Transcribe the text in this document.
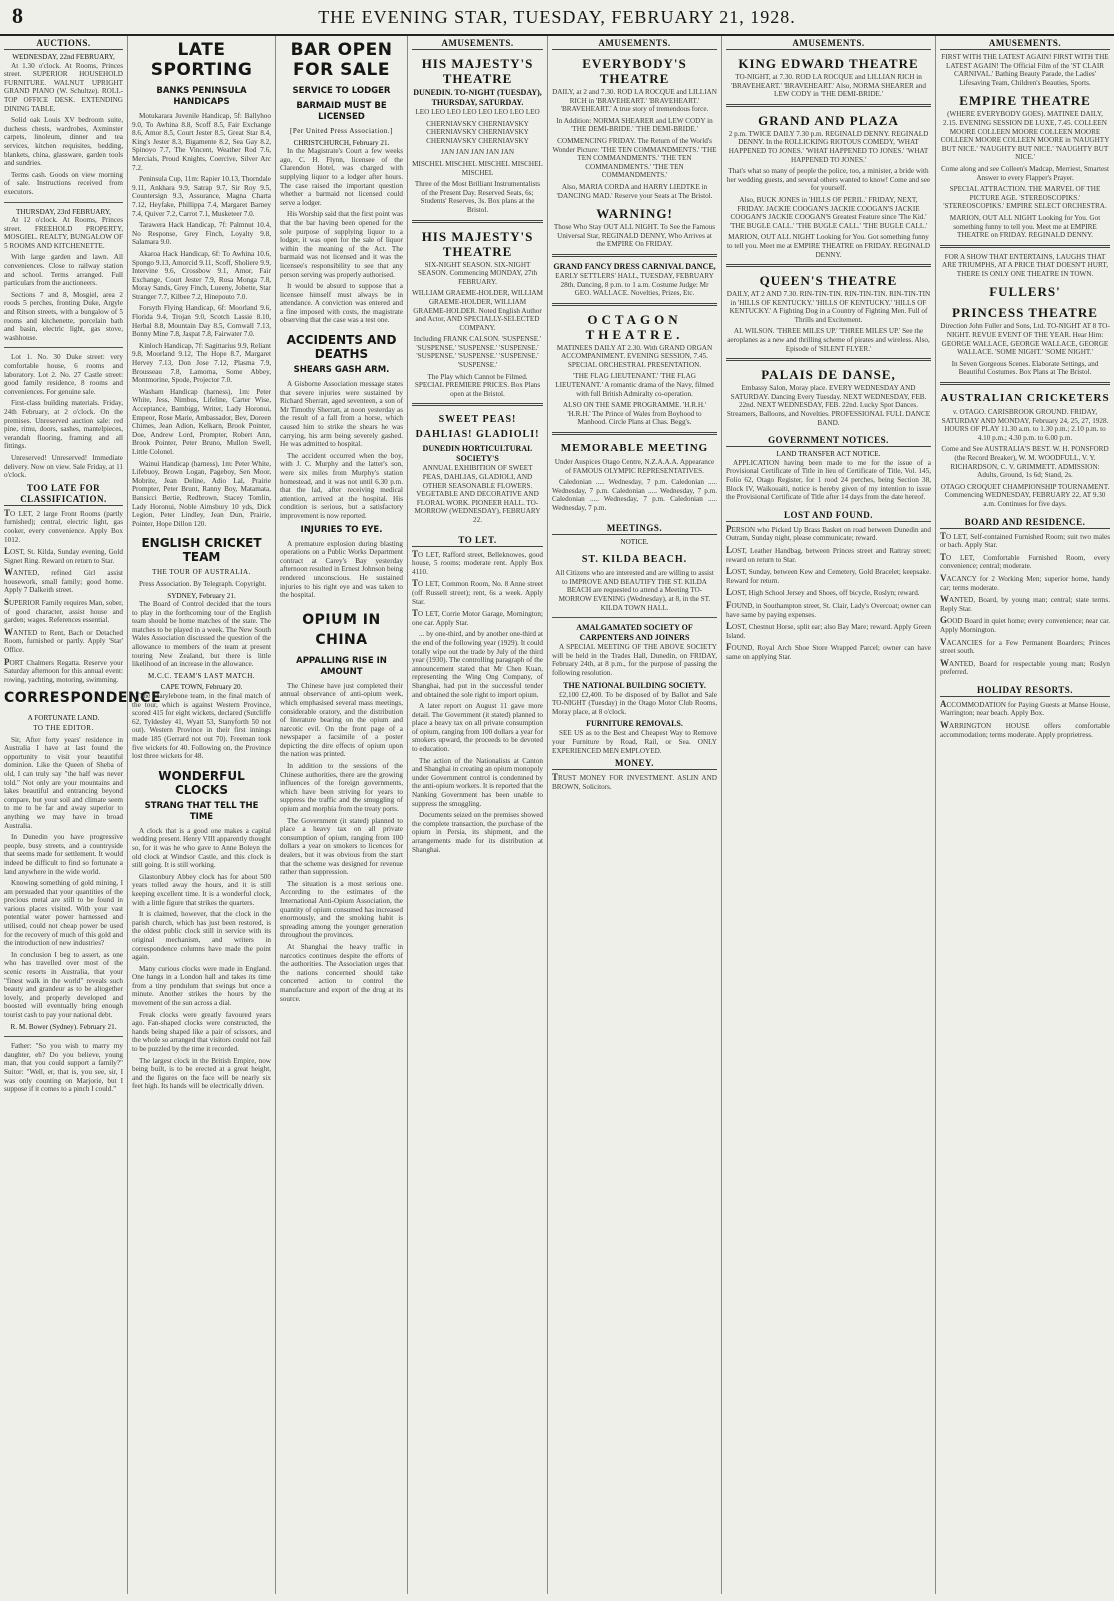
8	THE EVENING STAR, TUESDAY, FEBRUARY 21, 1928.
AUCTIONS.
WEDNESDAY, 22nd FEBRUARY,

At 1.30 o'clock. At Rooms, Princes street. SUPERIOR HOUSEHOLD FURNITURE. WALNUT UPRIGHT GRAND PIANO (W. Schultze). ROLL-TOP OFFICE DESK. EXTENDING DINING TABLE.

Solid oak Louis XV bedroom suite, duchess chests, wardrobes, Axminster carpets, linoleum, dinner and tea services, kitchen requisites, bedding, blankets, china, glassware, garden tools and sundries.

Terms cash. Goods on view morning of sale. Instructions received from executors.

THURSDAY, 23rd FEBRUARY,

At 12 o'clock. At Rooms, Princes street. FREEHOLD PROPERTY, MOSGIEL. REALTY, BUNGALOW OF 5 ROOMS AND KITCHENETTE.

With large garden and lawn. All conveniences. Close to railway station and school. Terms arranged. Full particulars from the auctioneers.

Sections 7 and 8, Mosgiel, area 2 roods 5 perches, fronting Duke, Argyle and Ritson streets, with a bungalow of 5 rooms and kitchenette, porcelain bath and basin, electric light, gas stove, washhouse.

Lot 1. No. 30 Duke street: very comfortable house, 6 rooms and laboratory. Lot 2. No. 27 Castle street: good family residence, 8 rooms and conveniences. For genuine sale.

First-class building materials. Friday, 24th February, at 2 o'clock. On the premises. Unreserved auction sale: red pine, rimu, doors, sashes, mantelpieces, verandah flooring, framing and all fittings.

Unreserved! Unreserved! Immediate delivery. Now on view. Sale Friday, at 11 o'clock.

TOO LATE FOR CLASSIFICATION.

TO LET, 2 large Front Rooms (partly furnished); central, electric light, gas cooker, every convenience. Apply Box 1012.

LOST, St. Kilda, Sunday evening, Gold Signet Ring. Reward on return to Star.

WANTED, refined Girl assist housework, small family; good home. Apply 7 Dalkeith street.

SUPERIOR Family requires Man, sober, of good character, assist house and garden; wages. References essential.

WANTED to Rent, Bach or Detached Room, furnished or partly. Apply 'Star' Office.

PORT Chalmers Regatta. Reserve your Saturday afternoon for this annual event: rowing, yachting, motoring, swimming.

CORRESPONDENCE
A FORTUNATE LAND.
TO THE EDITOR.

Sir, After forty years' residence in Australia I have at last found the opportunity to visit your beautiful dominion. Like the Queen of Sheba of old, I can truly say "the half was never told." Not only are your mountains and lakes beautiful and entrancing beyond compare, but your soil and climate seem to me to be far and away superior to anything we may have in broad Australia.

In Dunedin you have progressive people, busy streets, and a countryside that seems made for settlement. It would indeed be difficult to find so fortunate a land anywhere in the wide world.

Knowing something of gold mining, I am persuaded that your quantities of the precious metal are still to be found in various places visited. With your vast potential water power harnessed and utilised, could not cheap power be used for the recovery of much of this gold and the introduction of new industries?

In conclusion I beg to assert, as one who has travelled over most of the scenic resorts in Australia, that your "finest walk in the world" reveals such beauty and grandeur as to be altogether lovely, and properly developed and boosted will eventually bring enough tourist cash to pay your national debt.

R. M. Bower (Sydney). February 21.

Father: "So you wish to marry my daughter, eh? Do you believe, young man, that you could support a family?" Suitor: "Well, er, that is, you see, sir, I was only counting on Marjorie, but I suppose if it comes to a pinch I could."

LATE SPORTING
BANKS PENINSULA HANDICAPS

Motukarara Juvenile Handicap, 5f: Ballyhoo 9.0, To Awhina 8.8, Scoff 8.5, Fair Exchange 8.6, Amor 8.5, Court Jester 8.5, Great Star 8.4, King's Jester 8.3, Bigamente 8.2, Sea Gay 8.2, Spinoyo 7.7, The Vincent, Weather Rod 7.6, Mercials, Proud Knights, Coercive, Silver Arc 7.2.

Peninsula Cup, 11m: Rapier 10.13, Thorndale 9.11, Ankhara 9.9, Satrap 9.7, Sir Roy 9.5, Countersign 9.3, Assurance, Magna Charta 7.12, Heyfake, Phillippa 7.4, Margaret Barney 7.4, Quiver 7.2, Carrot 7.1, Musketeer 7.0.

Tarawera Hack Handicap, 7f: Palmnut 10.4, No Response, Grey Finch, Loyalty 9.8, Salamara 9.0.

Akaroa Hack Handicap, 6f: To Awhina 10.6, Spongo 9.13, Amorcid 9.11, Scoff, Sholiere 9.9, Intervine 9.6, Crossbow 9.1, Amor, Fair Exchange, Court Jester 7.9, Rosa Monga 7.8, Moray Sands, Grey Finch, Lueeny, Jobette, Star Stranger 7.7, Kilbee 7.2, Hinepouto 7.0.

Forsyth Flying Handicap, 6f: Moorland 9.6, Florida 9.4, Trojan 9.0, Scotch Lassie 8.10, Herbal 8.8, Mountain Day 8.5, Cornwall 7.13, Bonny Mine 7.8, Jaspat 7.8, Fairwater 7.0.

Kinloch Handicap, 7f: Sagittarius 9.9, Reliant 9.8, Moorland 9.12, The Hope 8.7, Margaret Hervey 7.13, Don Jose 7.12, Plasma 7.9, Brousseau 7.8, Lamorna, Some Abbey, Montmorine, Spode, Projector 7.0.

Washam Handicap (harness), 1m: Peter White, Jess, Nimbus, Lifeline, Carter Wise, Acceptance, Bambigg, Writer, Lady Horonui, Empeor, Rose Marie, Ambassador, Bev, Doreen Chimes, Jean Adion, Kelkarn, Brook Pointer, Doe, Andrew Lord, Prompter, Robert Ann, Brook Pointer, Peter Bruno, Mullon Swell, Little Colonel.

Wainui Handicap (harness), 1m: Peter White, Lifebuoy, Brown Logan, Pageboy, Sen Moor, Mobrite, Jean Deline, Adio Lal, Prairie Prompter, Peter Brunt, Ranny Boy, Matamata, Bansicci Bertie, Redbrown, Stacey Tomlin, Lady Horonui, Noble Aimsbury 10 yds, Dick Legion, Peter Lindley, Jean Dun, Prairie, Pointer, Hope Dillon 120.

ENGLISH CRICKET TEAM
THE TOUR OF AUSTRALIA.

Press Association. By Telegraph. Copyright.

SYDNEY, February 21.

The Board of Control decided that the tours to play in the forthcoming tour of the English team should be home matches of the state. The matches to be played in a week. The New South Wales Association discussed the question of the allowance to members of the team at present touring New Zealand, but there is little likelihood of an increase in the allowance.

M.C.C. TEAM'S LAST MATCH.
CAPE TOWN, February 20.

The Marylebone team, in the final match of the tour, which is against Western Province, scored 415 for eight wickets, declared (Sutcliffe 62, Tyldesley 41, Wyatt 53, Stanyforth 50 not out). Western Province in their first innings made 185 (Gerrard not out 70). Freeman took five wickets for 40. Following on, the Province lost three wickets for 48.

WONDERFUL CLOCKS
STRANG THAT TELL THE TIME

A clock that is a good one makes a capital wedding present. Henry VIII apparently thought so, for it was he who gave to Anne Boleyn the old clock at Windsor Castle, and this clock is still going. It is still working.

Glastonbury Abbey clock has for about 500 years tolled away the hours, and it is still keeping excellent time. It is a wonderful clock, with a little figure that strikes the quarters.

It is claimed, however, that the clock in the parish church, which has just been restored, is the oldest public clock still in service with its original mechanism, and writers in correspondence columns have made the point again.

Many curious clocks were made in England. One hangs in a London hall and takes its time from a tiny pendulum that swings but once a minute. Another strikes the hours by the movement of the sun across a dial.

Freak clocks were greatly favoured years ago. Fan-shaped clocks were constructed, the hands being shaped like a pair of scissors, and the whole so arranged that visitors could not fail to be puzzled by the time it recorded.

The largest clock in the British Empire, now being built, is to be erected at a great height, and the figures on the face will be nearly six feet high. Its hands will be electrically driven.

BAR OPEN FOR SALE
SERVICE TO LODGER
BARMAID MUST BE LICENSED
[Per United Press Association.]
CHRISTCHURCH, February 21.

In the Magistrate's Court a few weeks ago, C. H. Flynn, licensee of the Clarendon Hotel, was charged with supplying liquor to a lodger after hours. The case raised the important question whether a barmaid not licensed could serve a lodger.

His Worship said that the first point was that the bar having been opened for the sole purpose of supplying liquor to a lodger, it was open for the sale of liquor within the meaning of the Act. The barmaid was not licensed and it was the licensee's responsibility to see that any person serving was properly authorised.

It would be absurd to suppose that a licensee himself must always be in attendance. A conviction was entered and a fine imposed with costs, the magistrate observing that the case was a test one.

ACCIDENTS AND DEATHS
SHEARS GASH ARM.

A Gisborne Association message states that severe injuries were sustained by Richard Sherratt, aged seventeen, a son of Mr Timothy Sherratt, at noon yesterday as the result of a fall from a horse, which caused him to strike the shears he was carrying, his arm being severely gashed. He was admitted to hospital.

The accident occurred when the boy, with J. C. Murphy and the latter's son, were six miles from Murphy's station homestead, and it was not until 6.30 p.m. that the lad, after receiving medical attention, arrived at the hospital. His condition is serious, but a satisfactory improvement is now reported.

INJURIES TO EYE.

A premature explosion during blasting operations on a Public Works Department contract at Carey's Bay yesterday afternoon resulted in Ernest Johnson being rendered unconscious. He sustained injuries to his right eye and was taken to the hospital.

OPIUM IN CHINA
APPALLING RISE IN AMOUNT

The Chinese have just completed their annual observance of anti-opium week, which emphasised several mass meetings, considerable oratory, and the distribution of literature bearing on the opium and narcotic evil. On the front page of a newspaper a facsimile of a poster depicting the dire effects of opium upon the nation was printed.

In addition to the sessions of the Chinese authorities, there are the growing influences of the foreign governments, which have been striving for years to suppress the traffic and the smuggling of opium and morphia from the treaty ports.

The Government (it stated) planned to place a heavy tax on all private consumption of opium, ranging from 100 dollars a year on smokers to licences for dealers, but it was obvious from the start that the scheme was designed for revenue rather than suppression.

The situation is a most serious one. According to the estimates of the International Anti-Opium Association, the quantity of opium consumed has increased enormously, and the smoking habit is spreading among the younger generation throughout the provinces.

At Shanghai the heavy traffic in narcotics continues despite the efforts of the authorities. The Association urges that the nations concerned should take concerted action to control the manufacture and export of the drug at its source.

AMUSEMENTS.
HIS MAJESTY'S THEATRE
DUNEDIN. TO-NIGHT (TUESDAY), THURSDAY, SATURDAY.

LEO LEO LEO LEO LEO LEO LEO LEO

CHERNIAVSKY CHERNIAVSKY CHERNIAVSKY CHERNIAVSKY CHERNIAVSKY CHERNIAVSKY

JAN JAN JAN JAN JAN

MISCHEL MISCHEL MISCHEL MISCHEL MISCHEL

Three of the Most Brilliant Instrumentalists of the Present Day. Reserved Seats, 6s; Students' Reserves, 3s. Box plans at the Bristol.

HIS MAJESTY'S THEATRE

SIX-NIGHT SEASON. SIX-NIGHT SEASON. Commencing MONDAY, 27th FEBRUARY.

WILLIAM GRAEME-HOLDER, WILLIAM GRAEME-HOLDER, WILLIAM GRAEME-HOLDER. Noted English Author and Actor, AND SPECIALLY-SELECTED COMPANY.

Including FRANK CALSON. 'SUSPENSE.' 'SUSPENSE.' 'SUSPENSE.' 'SUSPENSE.' 'SUSPENSE.' 'SUSPENSE.' 'SUSPENSE.' 'SUSPENSE.'

The Play which Cannot be Filmed. SPECIAL PREMIERE PRICES. Box Plans open at the Bristol.

SWEET PEAS! DAHLIAS! GLADIOLI!
DUNEDIN HORTICULTURAL SOCIETY'S

ANNUAL EXHIBITION OF SWEET PEAS, DAHLIAS, GLADIOLI, AND OTHER SEASONABLE FLOWERS. VEGETABLE AND DECORATIVE AND FLORAL WORK. PIONEER HALL. TO-MORROW (WEDNESDAY), FEBRUARY 22.

TO LET.

TO LET, Rafford street, Belleknowes, good house, 5 rooms; moderate rent. Apply Box 4110.

TO LET, Common Room, No. 8 Anne street (off Russell street); rent, 6s a week. Apply Star.

TO LET, Corrie Motor Garage, Mornington; one car. Apply Star.

... by one-third, and by another one-third at the end of the following year (1929). It could totally wipe out the trade by July of the third year (1930). The controlling paragraph of the announcement stated that Mr Chen Kuan, representing the Wing Ong Company, of Shanghai, had put in the successful tender and obtained the sole right to import opium.

A later report on August 11 gave more detail. The Government (it stated) planned to place a heavy tax on all private consumption of opium, ranging from 100 dollars a year for smokers upward, the proceeds to be devoted to education.

The action of the Nationalists at Canton and Shanghai in creating an opium monopoly under Government control is condemned by the anti-opium workers. It is reported that the Nanking Government has been unable to suppress the smuggling.

Documents seized on the premises showed the complete transaction, the purchase of the opium in Persia, its shipment, and the arrangements made for its distribution at Shanghai.

AMUSEMENTS.
EVERYBODY'S THEATRE

DAILY, at 2 and 7.30. ROD LA ROCQUE and LILLIAN RICH in 'BRAVEHEART.' 'BRAVEHEART.' 'BRAVEHEART.' A true story of tremendous force.

In Addition: NORMA SHEARER and LEW CODY in 'THE DEMI-BRIDE.' 'THE DEMI-BRIDE.'

COMMENCING FRIDAY. The Return of the World's Wonder Picture: 'THE TEN COMMANDMENTS.' 'THE TEN COMMANDMENTS.' 'THE TEN COMMANDMENTS.' 'THE TEN COMMANDMENTS.'

Also, MARIA CORDA and HARRY LIEDTKE in 'DANCING MAD.' Reserve your Seats at The Bristol.

WARNING!

Those Who Stay OUT ALL NIGHT. To See the Famous Universal Star, REGINALD DENNY, Who Arrives at the EMPIRE On FRIDAY.

GRAND FANCY DRESS CARNIVAL DANCE,

EARLY SETTLERS' HALL, TUESDAY, FEBRUARY 28th. Dancing, 8 p.m. to 1 a.m. Costume Judge: Mr GEO. WALLACE. Novelties, Prizes, Etc.

OCTAGON THEATRE.

MATINEES DAILY AT 2.30. With GRAND ORGAN ACCOMPANIMENT. EVENING SESSION, 7.45. SPECIAL ORCHESTRAL PRESENTATION.

'THE FLAG LIEUTENANT.' 'THE FLAG LIEUTENANT.' A romantic drama of the Navy, filmed with full British Admiralty co-operation.

ALSO ON THE SAME PROGRAMME. 'H.R.H.' 'H.R.H.' The Prince of Wales from Boyhood to Manhood. Circle Plans at Chas. Begg's.

MEMORABLE MEETING

Under Auspices Otago Centre, N.Z.A.A.A. Appearance of FAMOUS OLYMPIC REPRESENTATIVES.

Caledonian ..... Wednesday, 7 p.m. Caledonian ..... Wednesday, 7 p.m. Caledonian ..... Wednesday, 7 p.m. Caledonian ..... Wednesday, 7 p.m. Caledonian ..... Wednesday, 7 p.m.

MEETINGS.
NOTICE.
ST. KILDA BEACH.

All Citizens who are interested and are willing to assist to IMPROVE AND BEAUTIFY THE ST. KILDA BEACH are requested to attend a Meeting TO-MORROW EVENING (Wednesday), at 8, in the ST. KILDA TOWN HALL.

AMALGAMATED SOCIETY OF CARPENTERS AND JOINERS

A SPECIAL MEETING OF THE ABOVE SOCIETY will be held in the Trades Hall, Dunedin, on FRIDAY, February 24th, at 8 p.m., for the purpose of passing the following resolution.

THE NATIONAL BUILDING SOCIETY.

£2,100 £2,400. To be disposed of by Ballot and Sale TO-NIGHT (Tuesday) in the Otago Motor Club Rooms, Moray place, at 8 o'clock.

FURNITURE REMOVALS.

SEE US as to the Best and Cheapest Way to Remove your Furniture by Road, Rail, or Sea. ONLY EXPERIENCED MEN EMPLOYED.

MONEY.

TRUST MONEY FOR INVESTMENT. ASLIN AND BROWN, Solicitors.

AMUSEMENTS.
KING EDWARD THEATRE

TO-NIGHT, at 7.30. ROD LA ROCQUE and LILLIAN RICH in 'BRAVEHEART.' 'BRAVEHEART.' Also, NORMA SHEARER and LEW CODY in 'THE DEMI-BRIDE.'

GRAND AND PLAZA

2 p.m. TWICE DAILY 7.30 p.m. REGINALD DENNY. REGINALD DENNY. In the ROLLICKING RIOTOUS COMEDY, 'WHAT HAPPENED TO JONES.' 'WHAT HAPPENED TO JONES.' 'WHAT HAPPENED TO JONES.'

That's what so many of people the police, too, a minister, a bride with her wedding guests, and several others wanted to know! Come and see for yourself.

Also, BUCK JONES in 'HILLS OF PERIL.' FRIDAY, NEXT, FRIDAY. JACKIE COOGAN'S JACKIE COOGAN'S JACKIE COOGAN'S JACKIE COOGAN'S Greatest Feature since 'The Kid.' 'THE BUGLE CALL.' 'THE BUGLE CALL.' 'THE BUGLE CALL.'

MARION, OUT ALL NIGHT Looking for You. Got something funny to tell you. Meet me at EMPIRE THEATRE on FRIDAY. REGINALD DENNY.

QUEEN'S THEATRE

DAILY, AT 2 AND 7.30. RIN-TIN-TIN. RIN-TIN-TIN. RIN-TIN-TIN in 'HILLS OF KENTUCKY.' 'HILLS OF KENTUCKY.' 'HILLS OF KENTUCKY.' A Fighting Dog in a Country of Fighting Men. Full of Thrills and Excitement.

AL WILSON. 'THREE MILES UP.' 'THREE MILES UP.' See the aeroplanes as a new and thrilling scheme of pirates and wireless. Also, Episode of 'SILENT FLYER.'

PALAIS DE DANSE,

Embassy Salon, Moray place. EVERY WEDNESDAY AND SATURDAY. Dancing Every Tuesday. NEXT WEDNESDAY, FEB. 22nd. NEXT WEDNESDAY, FEB. 22nd. Lucky Spot Dances. Streamers, Balloons, and Novelties. PROFESSIONAL FULL DANCE BAND.

GOVERNMENT NOTICES.
LAND TRANSFER ACT NOTICE.

APPLICATION having been made to me for the issue of a Provisional Certificate of Title in lieu of Certificate of Title, Vol. 145, Folio 62, Otago Register, for 1 rood 24 perches, being Section 38, Block IV, Waikouaiti, notice is hereby given of my intention to issue the Provisional Certificate of Title after 14 days from the date hereof.

LOST AND FOUND.

PERSON who Picked Up Brass Basket on road between Dunedin and Outram, Sunday night, please communicate; reward.

LOST, Leather Handbag, between Princes street and Rattray street; reward on return to Star.

LOST, Sunday, between Kew and Cemetery, Gold Bracelet; keepsake. Reward for return.

LOST, High School Jersey and Shoes, off bicycle, Roslyn; reward.

FOUND, in Southampton street, St. Clair, Lady's Overcoat; owner can have same by paying expenses.

LOST, Chestnut Horse, split ear; also Bay Mare; reward. Apply Green Island.

FOUND, Royal Arch Shoe Store Wrapped Parcel; owner can have same on applying Star.

AMUSEMENTS.

FIRST WITH THE LATEST AGAIN! FIRST WITH THE LATEST AGAIN! The Official Film of the 'ST CLAIR CARNIVAL.' Bathing Beauty Parade, the Ladies' Lifesaving Team, Children's Beauties, Sports.

EMPIRE THEATRE

(WHERE EVERYBODY GOES). MATINEE DAILY, 2.15. EVENING SESSION DE LUXE, 7.45. COLLEEN MOORE COLLEEN MOORE COLLEEN MOORE COLLEEN MOORE COLLEEN MOORE in 'NAUGHTY BUT NICE.' 'NAUGHTY BUT NICE.' 'NAUGHTY BUT NICE.'

Come along and see Colleen's Madcap, Merriest, Smartest Answer to every Flapper's Prayer.

SPECIAL ATTRACTION. THE MARVEL OF THE PICTURE AGE. 'STEREOSCOPIKS.' 'STEREOSCOPIKS.' EMPIRE SELECT ORCHESTRA.

MARION, OUT ALL NIGHT Looking for You. Got something funny to tell you. Meet me at EMPIRE THEATRE on FRIDAY. REGINALD DENNY.

FOR A SHOW THAT ENTERTAINS, LAUGHS THAT ARE TRIUMPHS, AT A PRICE THAT DOESN'T HURT, THERE IS ONLY ONE THEATRE IN TOWN.

FULLERS'
PRINCESS THEATRE

Direction John Fuller and Sons, Ltd. TO-NIGHT AT 8 TO-NIGHT. REVUE EVENT OF THE YEAR. Hear Him: GEORGE WALLACE, GEORGE WALLACE, GEORGE WALLACE. 'SOME NIGHT.' 'SOME NIGHT.'

In Seven Gorgeous Scenes. Elaborate Settings, and Beautiful Costumes. Box Plans at The Bristol.

AUSTRALIAN CRICKETERS

v. OTAGO. CARISBROOK GROUND. FRIDAY, SATURDAY AND MONDAY, February 24, 25, 27, 1928. HOURS OF PLAY 11.30 a.m. to 1.30 p.m.; 2.10 p.m. to 4.10 p.m.; 4.30 p.m. to 6.00 p.m.

Come and See AUSTRALIA'S BEST. W. H. PONSFORD (the Record Breaker), W. M. WOODFULL, V. Y. RICHARDSON, C. V. GRIMMETT. ADMISSION: Adults, Ground, 1s 6d; Stand, 2s.

OTAGO CROQUET CHAMPIONSHIP TOURNAMENT. Commencing WEDNESDAY, FEBRUARY 22, AT 9.30 a.m. Continues for five days.

BOARD AND RESIDENCE.

TO LET, Self-contained Furnished Room; suit two males or bach. Apply Star.

TO LET, Comfortable Furnished Room, every convenience; central; moderate.

VACANCY for 2 Working Men; superior home, handy car; terms moderate.

WANTED, Board, by young man; central; state terms. Reply Star.

GOOD Board in quiet home; every convenience; near car. Apply Mornington.

VACANCIES for a Few Permanent Boarders; Princes street south.

WANTED, Board for respectable young man; Roslyn preferred.

HOLIDAY RESORTS.

ACCOMMODATION for Paying Guests at Manse House, Warrington; near beach. Apply Box.

WARRINGTON HOUSE offers comfortable accommodation; terms moderate. Apply proprietress.
